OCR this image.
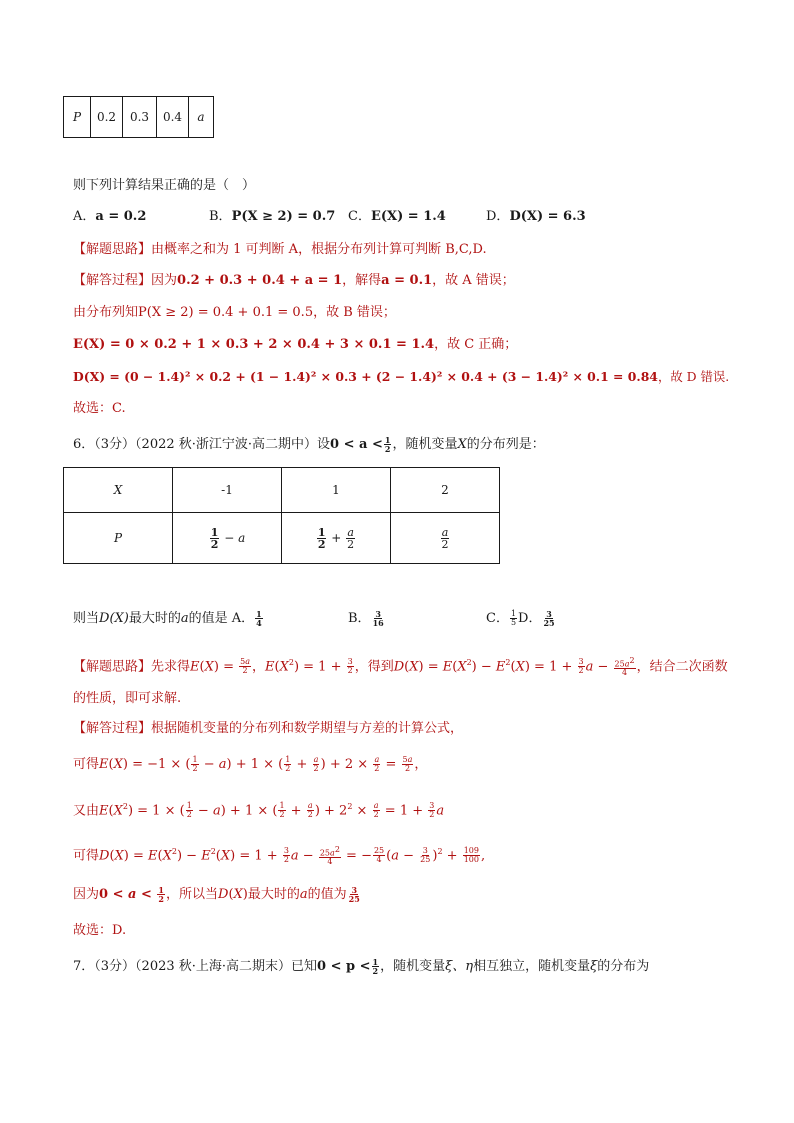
P	0.2	0.3	0.4	a
则下列计算结果正确的是（　）
A．a = 0.2	B．P(X ≥ 2) = 0.7 C．E(X) = 1.4	D．D(X) = 6.3
【解题思路】由概率之和为 1 可判断 A，根据分布列计算可判断 B,C,D.
【解答过程】因为0.2 + 0.3 + 0.4 + a = 1，解得a = 0.1，故 A 错误；
由分布列知P(X ≥ 2) = 0.4 + 0.1 = 0.5，故 B 错误；
E(X) = 0 × 0.2 + 1 × 0.3 + 2 × 0.4 + 3 × 0.1 = 1.4，故 C 正确；
D(X) = (0 − 1.4)² × 0.2 + (1 − 1.4)² × 0.3 + (2 − 1.4)² × 0.4 + (3 − 1.4)² × 0.1 = 0.84，故 D 错误.
故选：C.
6．（3分）（2022 秋·浙江宁波·高二期中）设$0 < a < \frac{1}{2}$ ，随机变量X的分布列是：
X	-1	1	2
P	$\frac{1}{2} - a$	$\frac{1}{2} + \frac{a}{2}$	$\frac{a}{2}$
则当D(X)最大时的a的值是 A． $\frac{1}{4}$	B． $\frac{3}{16}$	C． $\frac{1}{5}$ D． $\frac{3}{25}$
【解题思路】先求得$E(X) = \frac{5a}{2}$ ，$E(X^2) = 1 + \frac{3}{2}$ ，得到$D(X) = E(X^2) - E^2(X) = 1 + \frac{3}{2}$ $a - \frac{25a2}{4}$ ，结合二次函数
的性质，即可求解.
【解答过程】根据随机变量的分布列和数学期望与方差的计算公式，
可得E(X) = −1 × ( $\frac{1}{2} - a) + 1$ × ( $\frac{1}{2} + \frac{a}{2}$ ) + $2 \times \frac{a}{2} = \frac{5a}{2}$ ，
又由$E(X^2) = 1$ × ( $\frac{1}{2} - a) + 1$ × ( $\frac{1}{2} + \frac{a}{2}$ ) + $2^2 \times \frac{a}{2} = 1 + \frac{3}{2}$ a
可得$D(X) = E(X^2) - E^2(X) = 1 + \frac{3}{2}$ $a - \frac{25a2}{4}$ = − $\frac{25}{4} (a - \frac{3}{25} )^2 + \frac{109}{100}$ ,
因为$0 < a < \frac{1}{2}$ ，所以当D(X)最大时的a的值为 $\frac{3}{25}$
故选：D.
7．（3分）（2023 秋·上海·高二期末）已知$0 < p < \frac{1}{2}$ ，随机变量ξ、η相互独立，随机变量ξ的分布为
